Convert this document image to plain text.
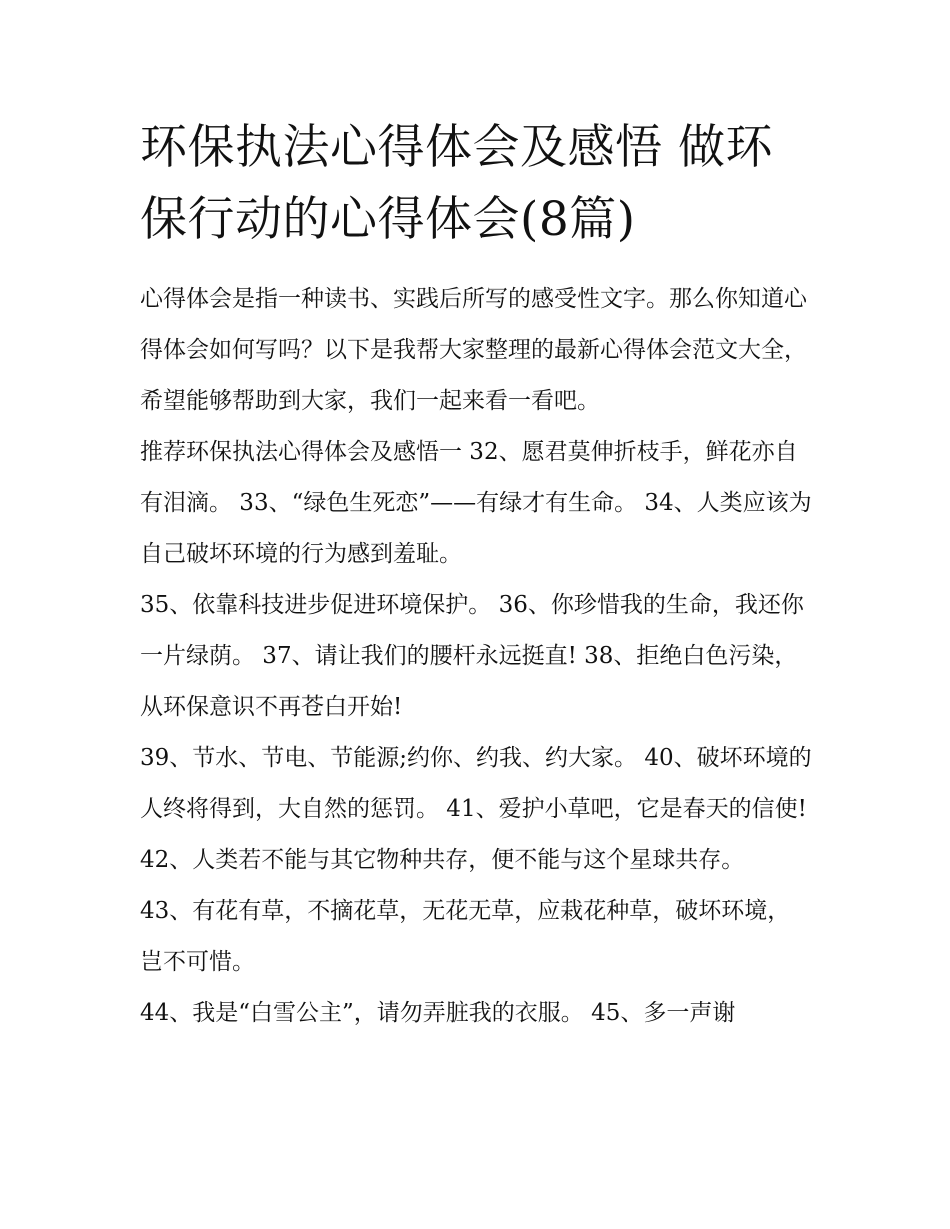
环保执法心得体会及感悟 做环保行动的心得体会(8篇)

心得体会是指一种读书、实践后所写的感受性文字。那么你知道心得体会如何写吗？以下是我帮大家整理的最新心得体会范文大全，希望能够帮助到大家，我们一起来看一看吧。

推荐环保执法心得体会及感悟一 32、愿君莫伸折枝手，鲜花亦自有泪滴。 33、“绿色生死恋”——有绿才有生命。 34、人类应该为自己破坏环境的行为感到羞耻。

35、依靠科技进步促进环境保护。 36、你珍惜我的生命，我还你一片绿荫。 37、请让我们的腰杆永远挺直! 38、拒绝白色污染，从环保意识不再苍白开始!

39、节水、节电、节能源;约你、约我、约大家。 40、破坏环境的人终将得到，大自然的惩罚。 41、爱护小草吧，它是春天的信使!

42、人类若不能与其它物种共存，便不能与这个星球共存。

43、有花有草，不摘花草，无花无草，应栽花种草，破坏环境，岂不可惜。

44、我是“白雪公主”，请勿弄脏我的衣服。 45、多一声谢
